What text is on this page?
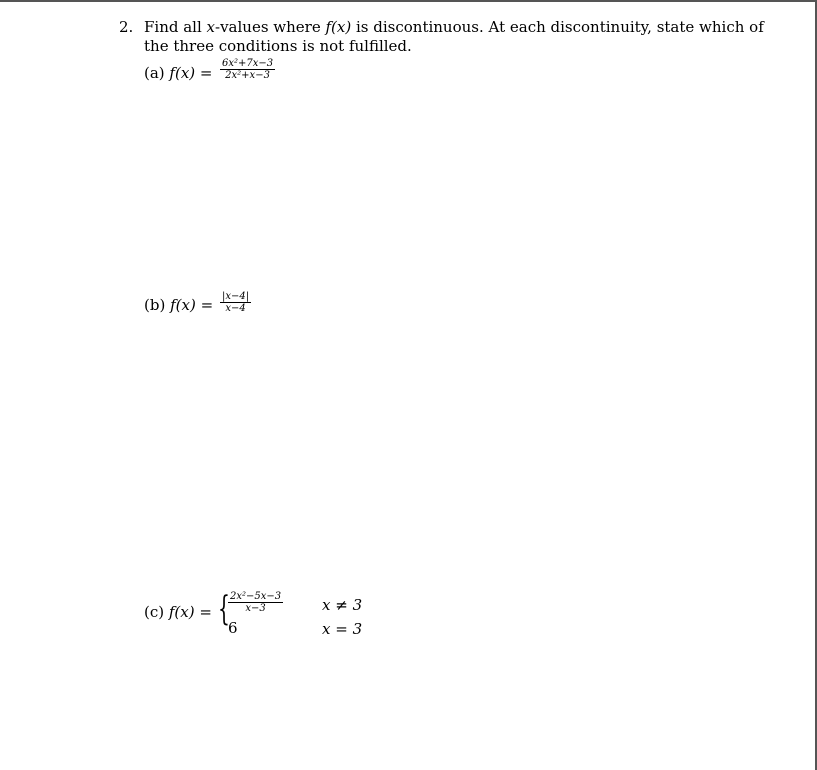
2. Find all x-values where f(x) is discontinuous. At each discontinuity, state which of
the three conditions is not fulfilled.
(a) f(x) =
6x²+7x−3
2x²+x−3
(b) f(x) = |x−4|
x−4
(c) f(x) = { 2x²−5x−3
x−3	x ≠ 3
6	x = 3
